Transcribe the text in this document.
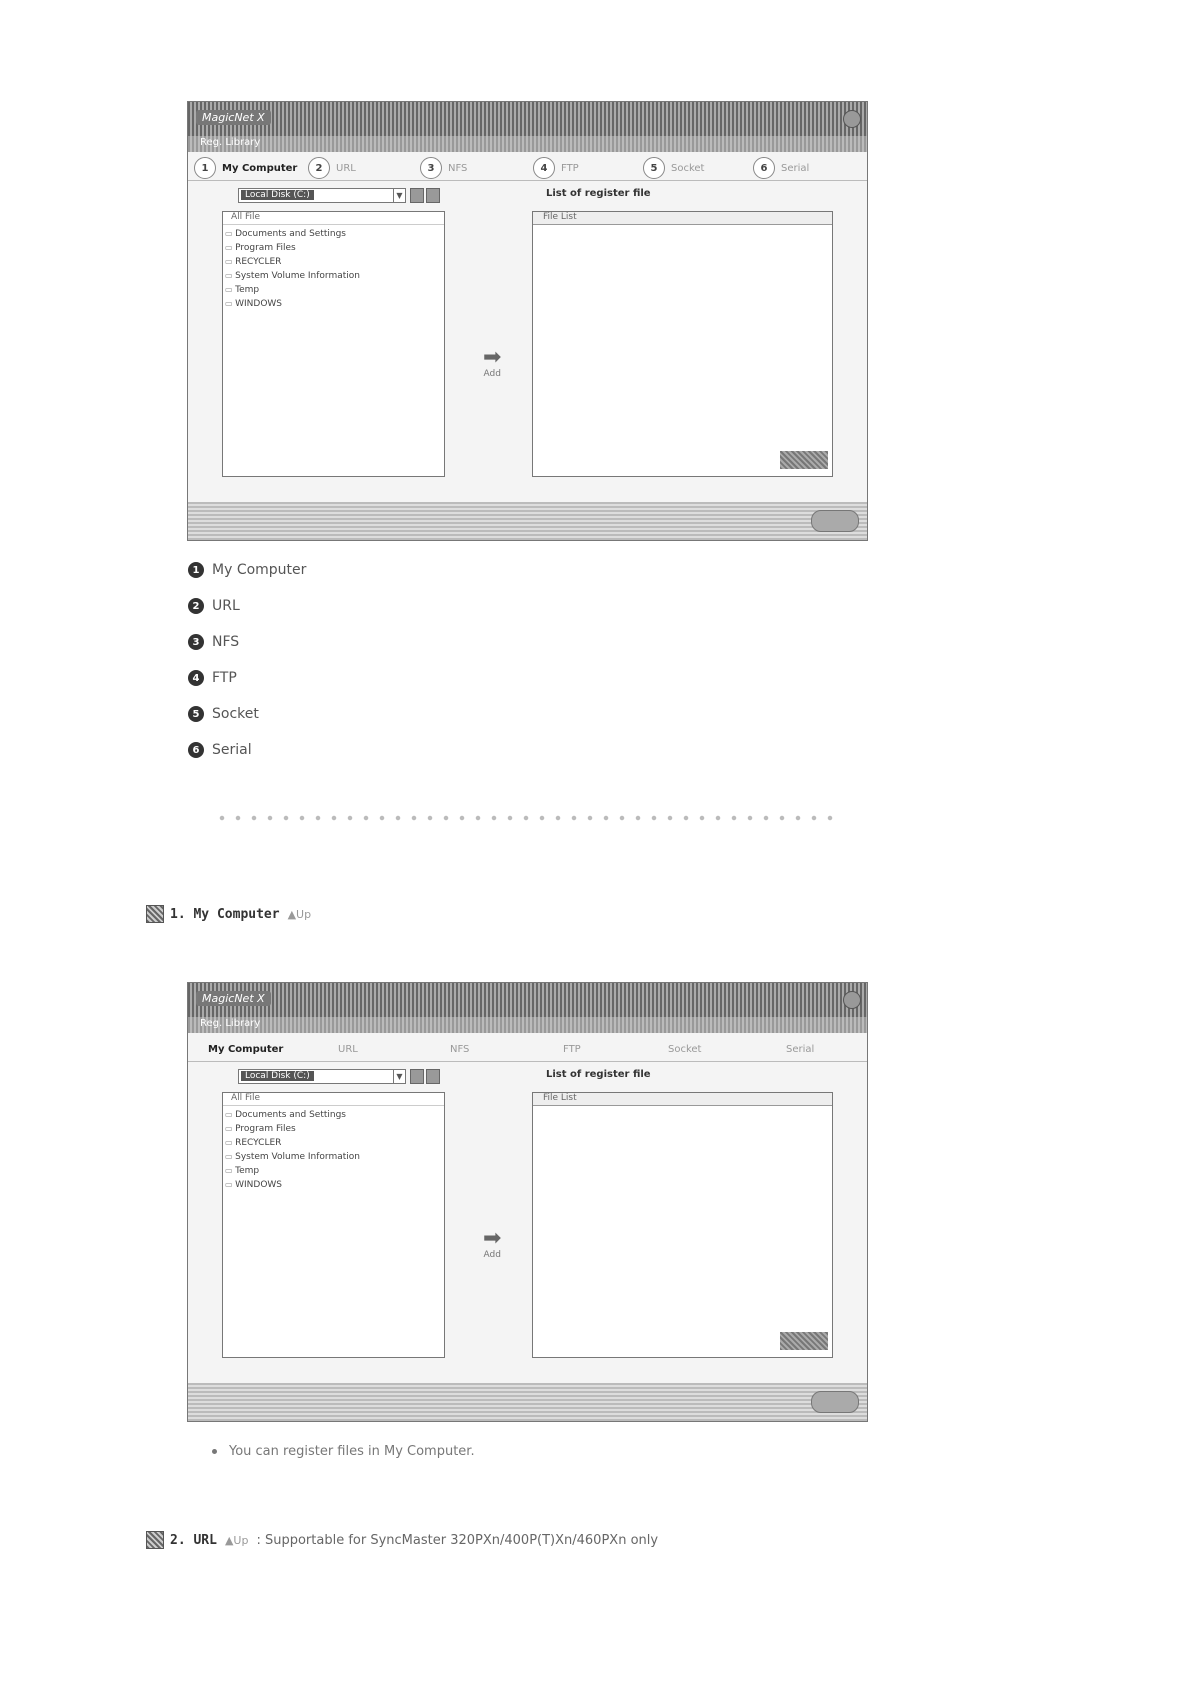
MagicNet X
Reg. Library
1	My Computer	2	URL	3	NFS	4	FTP	5	Socket	6	Serial
Local Disk (C:)	▼
All File
▭ Documents and Settings
▭ Program Files
▭ RECYCLER
▭ System Volume Information
▭ Temp
▭ WINDOWS
➡
Add
List of register file
File List
1 My Computer
2 URL
3 NFS
4 FTP
5 Socket
6 Serial
1. My Computer ▲Up
MagicNet X
Reg. Library
My Computer	URL	NFS	FTP	Socket	Serial
Local Disk (C:)	▼
All File
▭ Documents and Settings
▭ Program Files
▭ RECYCLER
▭ System Volume Information
▭ Temp
▭ WINDOWS
➡
Add
List of register file
File List
You can register files in My Computer.
2. URL ▲Up : Supportable for SyncMaster 320PXn/400P(T)Xn/460PXn only
